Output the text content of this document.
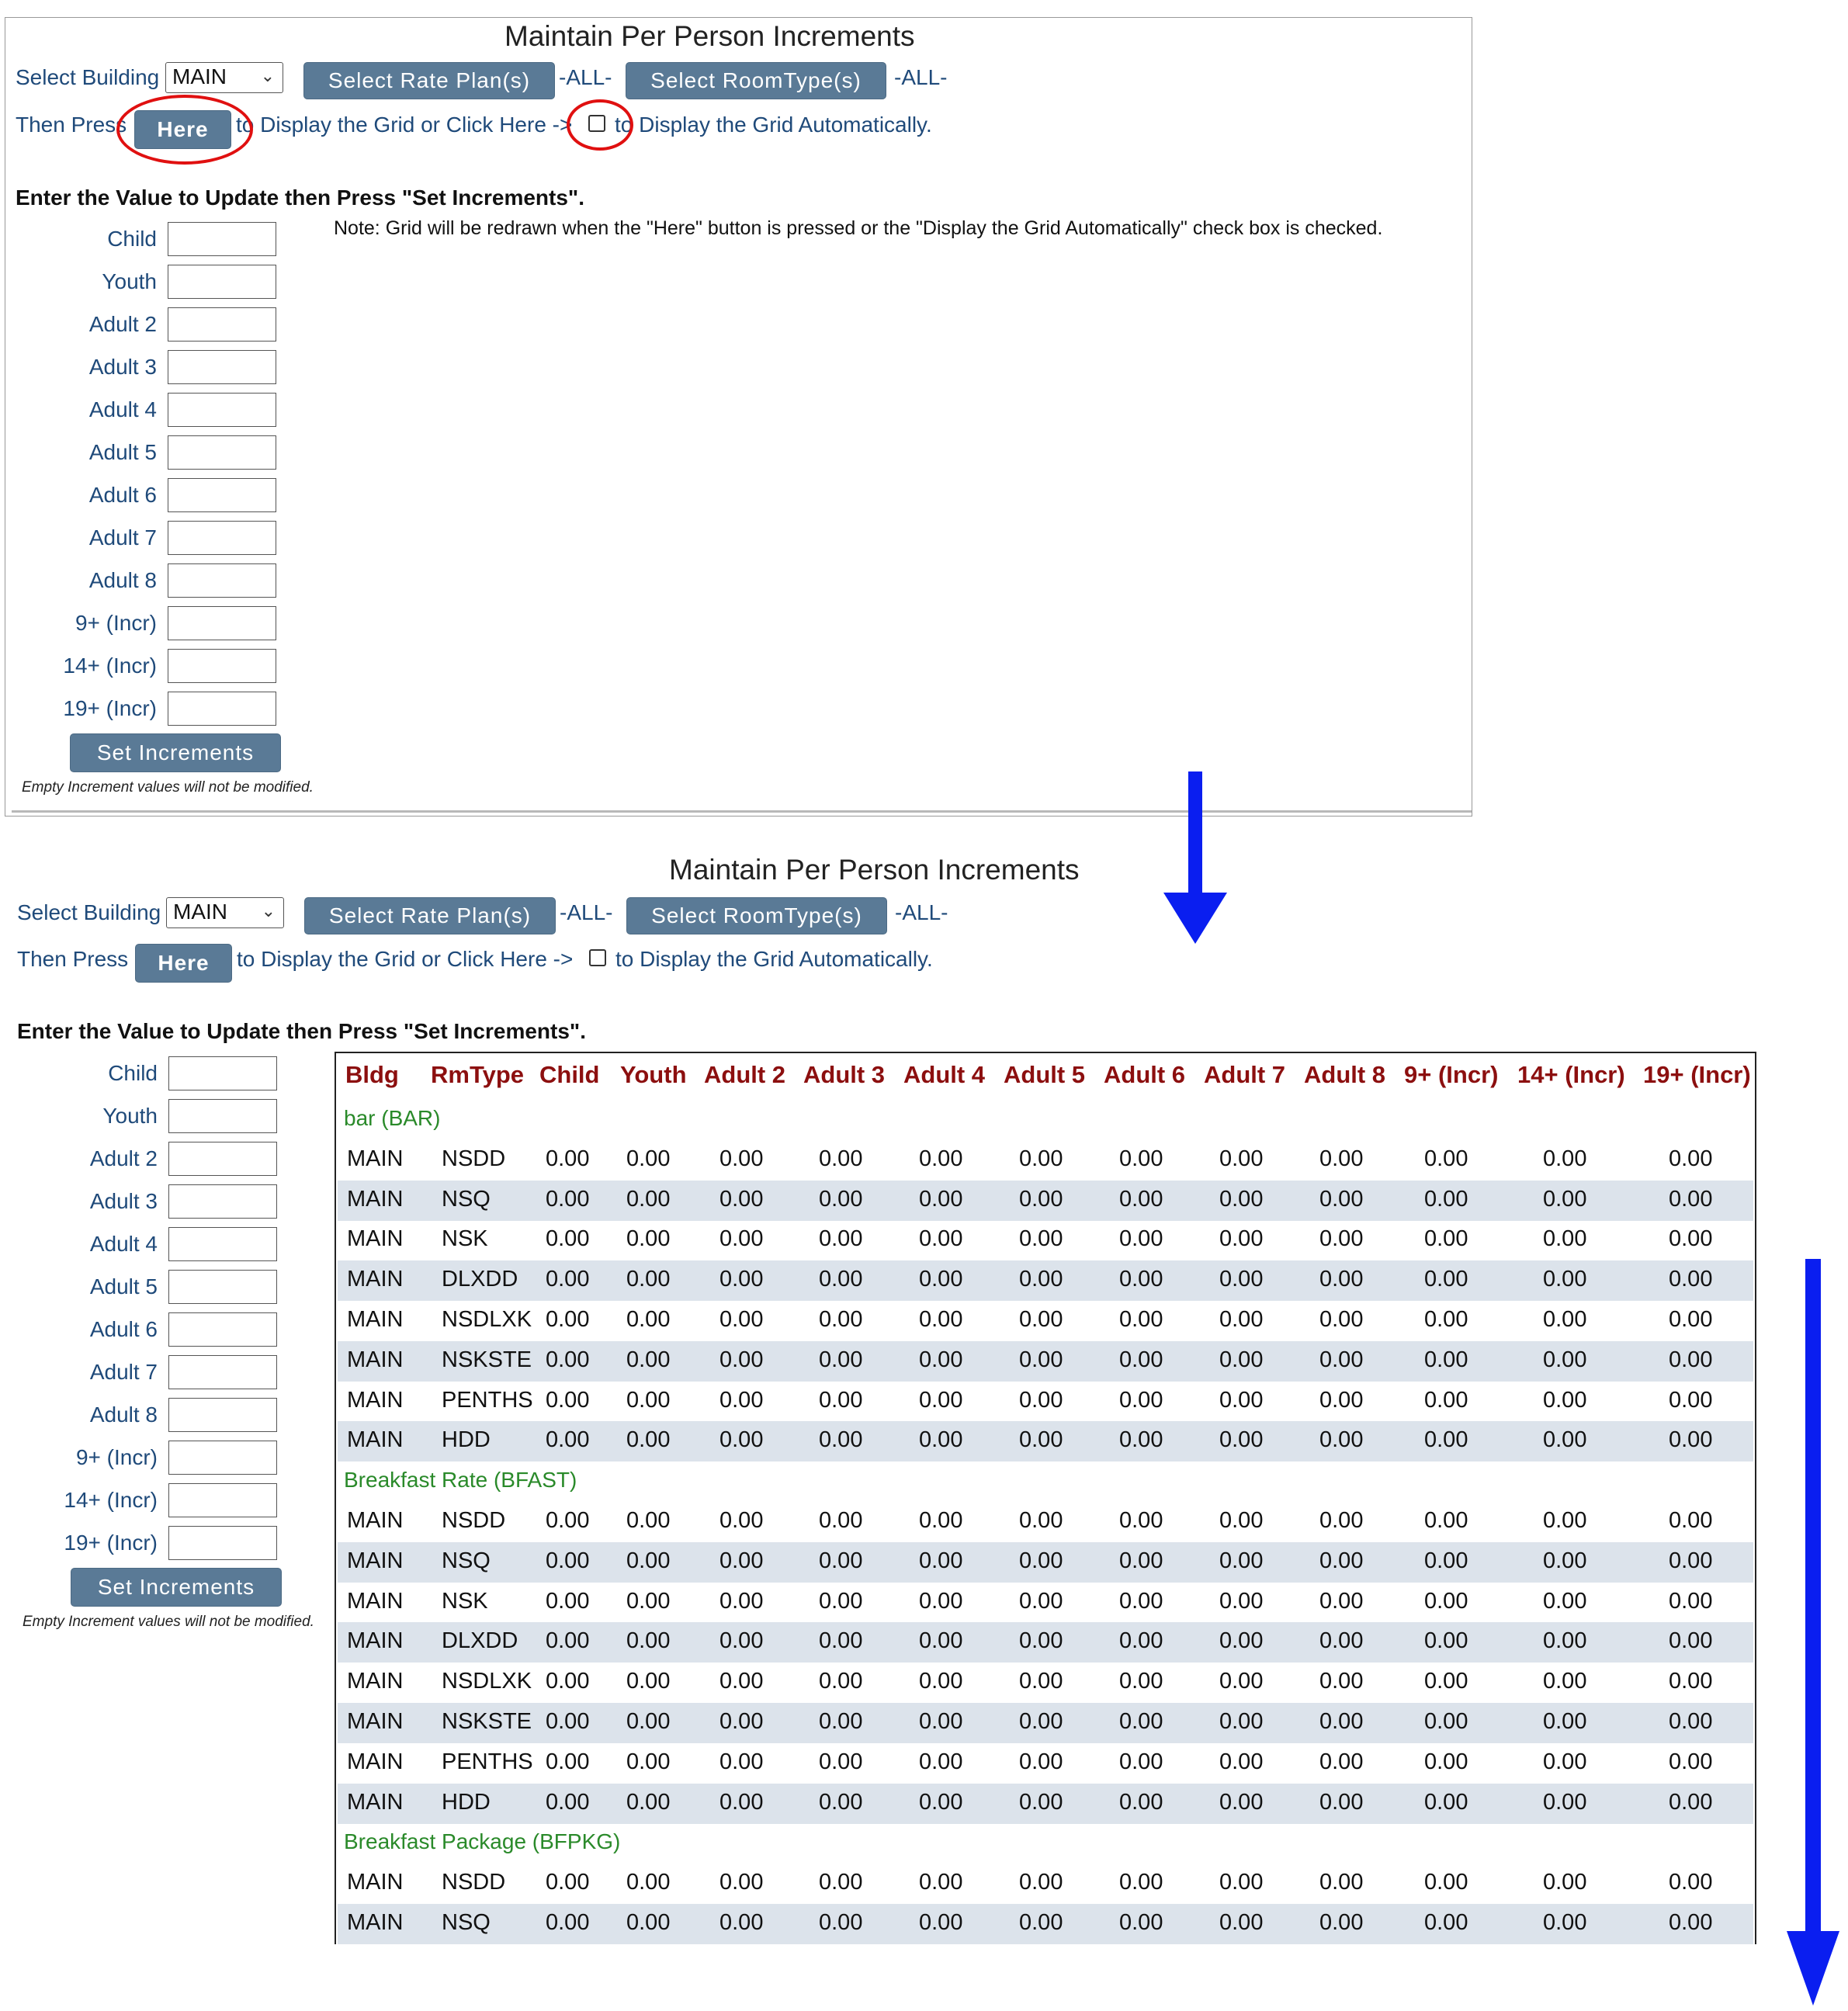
Maintain Per Person Increments
Select Building MAIN ⌄	Select Rate Plan(s)	-ALL-	Select RoomType(s)	-ALL-
Then Press	Here	to Display the Grid or Click Here -> to Display the Grid Automatically.
Enter the Value to Update then Press "Set Increments".
Note: Grid will be redrawn when the "Here" button is pressed or the "Display the Grid Automatically" check box is checked.
Child
Youth
Adult 2
Adult 3
Adult 4
Adult 5
Adult 6
Adult 7
Adult 8
9+ (Incr)
14+ (Incr)
19+ (Incr)
Set Increments
Empty Increment values will not be modified.
Maintain Per Person Increments
Select Building MAIN ⌄	Select Rate Plan(s)	-ALL-	Select RoomType(s)	-ALL-
Then Press	Here	to Display the Grid or Click Here -> to Display the Grid Automatically.
Enter the Value to Update then Press "Set Increments".
Child
Youth
Adult 2
Adult 3
Adult 4
Adult 5
Adult 6
Adult 7
Adult 8
9+ (Incr)
14+ (Incr)
19+ (Incr)
Set Increments
Empty Increment values will not be modified.
Bldg RmType Child Youth Adult 2 Adult 3 Adult 4 Adult 5 Adult 6 Adult 7 Adult 8 9+ (Incr) 14+ (Incr) 19+ (Incr)
bar (BAR)
MAIN NSDD 0.00 0.00 0.00 0.00	0.00	0.00	0.00	0.00	0.00	0.00	0.00	0.00
MAIN NSQ 0.00 0.00 0.00 0.00	0.00	0.00	0.00	0.00	0.00	0.00	0.00	0.00
MAIN NSK	0.00 0.00 0.00 0.00	0.00	0.00	0.00	0.00	0.00	0.00	0.00	0.00
MAIN DLXDD 0.00 0.00 0.00 0.00	0.00	0.00	0.00	0.00	0.00	0.00	0.00	0.00
MAIN NSDLXK 0.00 0.00 0.00 0.00	0.00	0.00	0.00	0.00	0.00	0.00	0.00	0.00
MAIN NSKSTE 0.00 0.00 0.00 0.00	0.00	0.00	0.00	0.00	0.00	0.00	0.00	0.00
MAIN PENTHS 0.00 0.00 0.00 0.00	0.00	0.00	0.00	0.00	0.00	0.00	0.00	0.00
MAIN HDD 0.00 0.00 0.00 0.00	0.00	0.00	0.00	0.00	0.00	0.00	0.00	0.00
Breakfast Rate (BFAST)
MAIN NSDD 0.00 0.00 0.00 0.00	0.00	0.00	0.00	0.00	0.00	0.00	0.00	0.00
MAIN NSQ 0.00 0.00 0.00 0.00	0.00	0.00	0.00	0.00	0.00	0.00	0.00	0.00
MAIN NSK	0.00 0.00 0.00 0.00	0.00	0.00	0.00	0.00	0.00	0.00	0.00	0.00
MAIN DLXDD 0.00 0.00 0.00 0.00	0.00	0.00	0.00	0.00	0.00	0.00	0.00	0.00
MAIN NSDLXK 0.00 0.00 0.00 0.00	0.00	0.00	0.00	0.00	0.00	0.00	0.00	0.00
MAIN NSKSTE 0.00 0.00 0.00 0.00	0.00	0.00	0.00	0.00	0.00	0.00	0.00	0.00
MAIN PENTHS 0.00 0.00 0.00 0.00	0.00	0.00	0.00	0.00	0.00	0.00	0.00	0.00
MAIN HDD 0.00 0.00 0.00 0.00	0.00	0.00	0.00	0.00	0.00	0.00	0.00	0.00
Breakfast Package (BFPKG)
MAIN NSDD 0.00 0.00 0.00 0.00	0.00	0.00	0.00	0.00	0.00	0.00	0.00	0.00
MAIN NSQ 0.00 0.00 0.00 0.00	0.00	0.00	0.00	0.00	0.00	0.00	0.00	0.00
